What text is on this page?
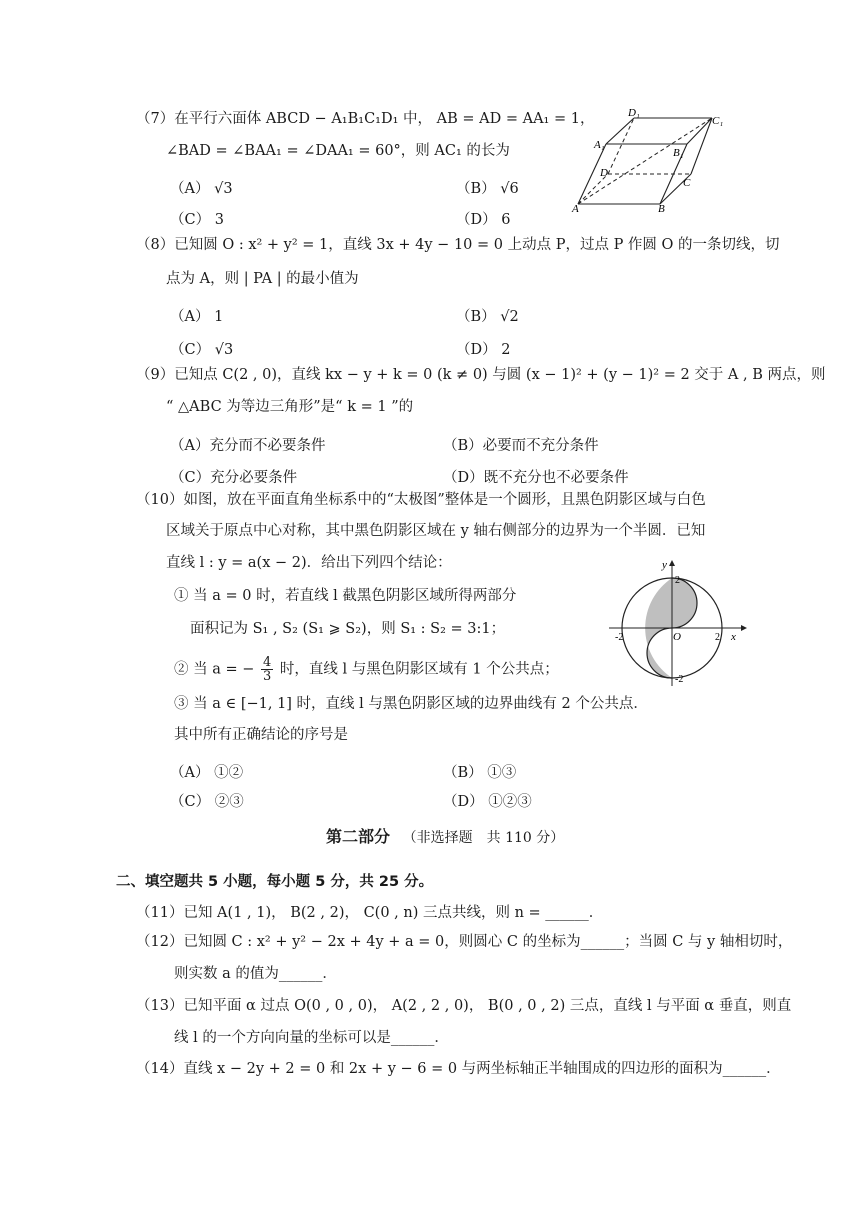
（7）在平行六面体 ABCD − A₁B₁C₁D₁ 中， AB = AD = AA₁ = 1，
∠BAD = ∠BAA₁ = ∠DAA₁ = 60°，则 AC₁ 的长为
（A） √3	（B） √6
（C） 3	（D） 6
D₁
C₁
A₁
B₁
D
C
A	B
（8）已知圆 O : x² + y² = 1，直线 3x + 4y − 10 = 0 上动点 P，过点 P 作圆 O 的一条切线，切
点为 A，则 | PA | 的最小值为
（A） 1	（B） √2
（C） √3	（D） 2
（9）已知点 C(2 , 0)，直线 kx − y + k = 0 (k ≠ 0) 与圆 (x − 1)² + (y − 1)² = 2 交于 A , B 两点，则
“ △ABC 为等边三角形”是“ k = 1 ”的
（A）充分而不必要条件	（B）必要而不充分条件
（C）充分必要条件	（D）既不充分也不必要条件
（10）如图，放在平面直角坐标系中的“太极图”整体是一个圆形，且黑色阴影区域与白色
区域关于原点中心对称，其中黑色阴影区域在 y 轴右侧部分的边界为一个半圆．已知
直线 l : y = a(x − 2)．给出下列四个结论：
① 当 a = 0 时，若直线 l 截黑色阴影区域所得两部分
面积记为 S₁ , S₂ (S₁ ⩾ S₂)，则 S₁ : S₂ = 3:1；
② 当 a = − $\frac{4}{3}$ 时，直线 l 与黑色阴影区域有 1 个公共点；
③ 当 a ∈ [−1, 1] 时，直线 l 与黑色阴影区域的边界曲线有 2 个公共点．
其中所有正确结论的序号是
（A） ①②	（B） ①③
（C） ②③	（D） ①②③
y
x
O
2
-2
-2	2
第二部分 （非选择题　共 110 分）
二、填空题共 5 小题，每小题 5 分，共 25 分。
（11）已知 A(1 , 1)， B(2 , 2)， C(0 , n) 三点共线，则 n = ______．
（12）已知圆 C : x² + y² − 2x + 4y + a = 0，则圆心 C 的坐标为______；当圆 C 与 y 轴相切时，
则实数 a 的值为______．
（13）已知平面 α 过点 O(0 , 0 , 0)， A(2 , 2 , 0)， B(0 , 0 , 2) 三点，直线 l 与平面 α 垂直，则直
线 l 的一个方向向量的坐标可以是______．
（14）直线 x − 2y + 2 = 0 和 2x + y − 6 = 0 与两坐标轴正半轴围成的四边形的面积为______．
